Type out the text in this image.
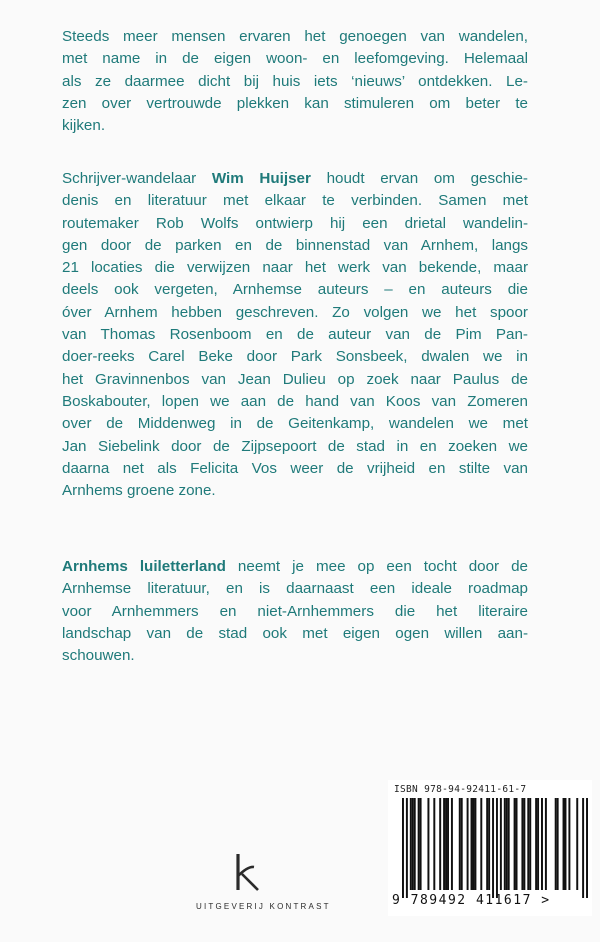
Steeds meer mensen ervaren het genoegen van wandelen,
met name in de eigen woon- en leefomgeving. Helemaal
als ze daarmee dicht bij huis iets ‘nieuws’ ontdekken. Le-
zen over vertrouwde plekken kan stimuleren om beter te
kijken.
Schrijver-wandelaar Wim Huijser houdt ervan om geschie-
denis en literatuur met elkaar te verbinden. Samen met
routemaker Rob Wolfs ontwierp hij een drietal wandelin-
gen door de parken en de binnenstad van Arnhem, langs
21 locaties die verwijzen naar het werk van bekende, maar
deels ook vergeten, Arnhemse auteurs – en auteurs die
óver Arnhem hebben geschreven. Zo volgen we het spoor
van Thomas Rosenboom en de auteur van de Pim Pan-
doer-reeks Carel Beke door Park Sonsbeek, dwalen we in
het Gravinnenbos van Jean Dulieu op zoek naar Paulus de
Boskabouter, lopen we aan de hand van Koos van Zomeren
over de Middenweg in de Geitenkamp, wandelen we met
Jan Siebelink door de Zijpsepoort de stad in en zoeken we
daarna net als Felicita Vos weer de vrijheid en stilte van
Arnhems groene zone.
Arnhems luiletterland neemt je mee op een tocht door de
Arnhemse literatuur, en is daarnaast een ideale roadmap
voor Arnhemmers en niet-Arnhemmers die het literaire
landschap van de stad ook met eigen ogen willen aan-
schouwen.
UITGEVERIJ KONTRAST
ISBN 978-94-92411-61-7
9 789492 411617 >
